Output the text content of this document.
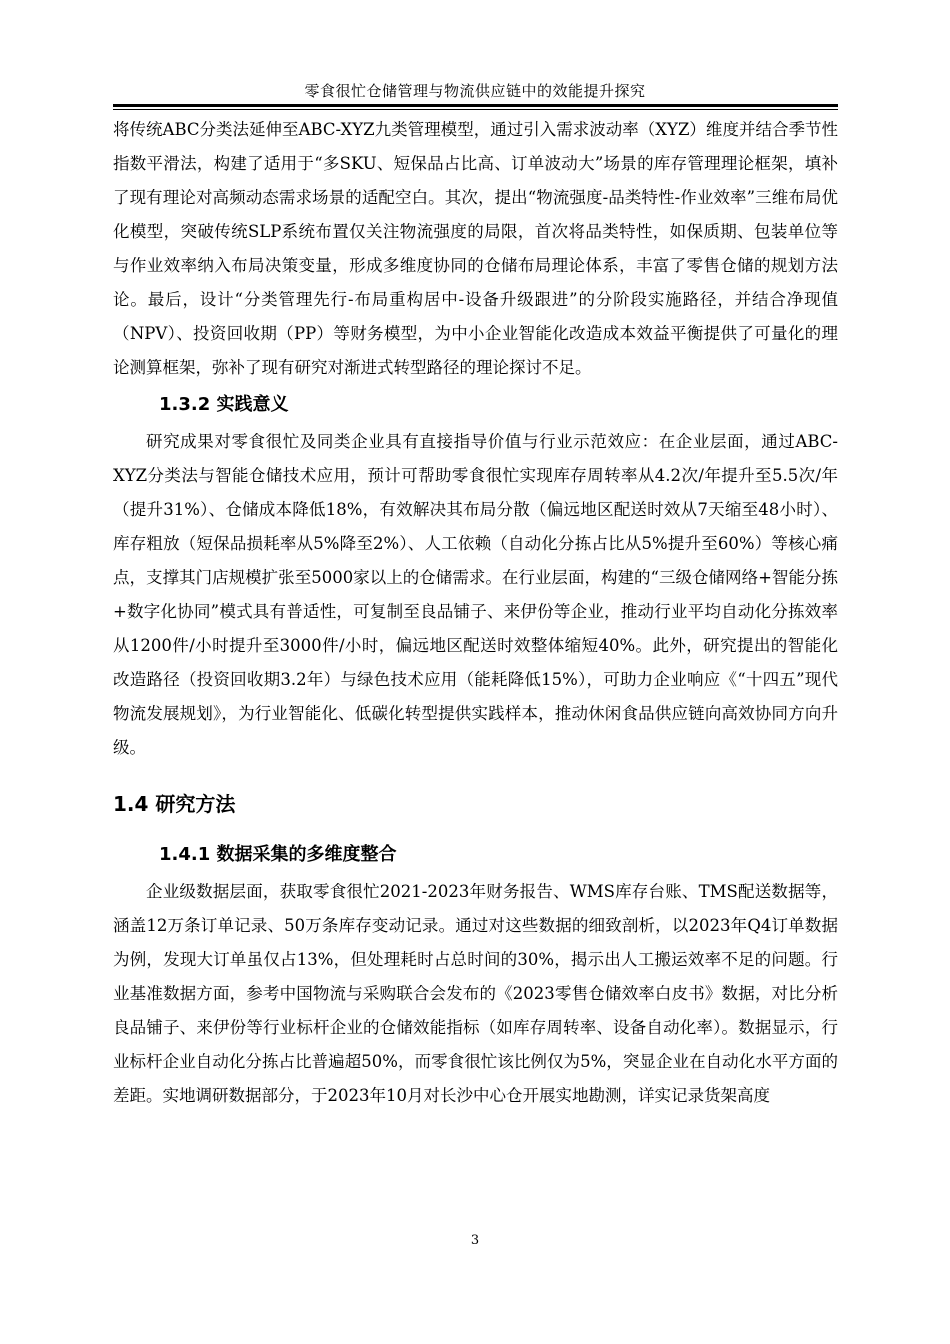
零食很忙仓储管理与物流供应链中的效能提升探究

将传统ABC分类法延伸至ABC-XYZ九类管理模型，通过引入需求波动率（XYZ）维度并结合季节性指数平滑法，构建了适用于“多SKU、短保品占比高、订单波动大”场景的库存管理理论框架，填补了现有理论对高频动态需求场景的适配空白。其次，提出“物流强度-品类特性-作业效率”三维布局优化模型，突破传统SLP系统布置仅关注物流强度的局限，首次将品类特性，如保质期、包装单位等与作业效率纳入布局决策变量，形成多维度协同的仓储布局理论体系，丰富了零售仓储的规划方法论。最后，设计“分类管理先行-布局重构居中-设备升级跟进”的分阶段实施路径，并结合净现值（NPV）、投资回收期（PP）等财务模型，为中小企业智能化改造成本效益平衡提供了可量化的理论测算框架，弥补了现有研究对渐进式转型路径的理论探讨不足。

1.3.2 实践意义

研究成果对零食很忙及同类企业具有直接指导价值与行业示范效应：在企业层面，通过ABC-XYZ分类法与智能仓储技术应用，预计可帮助零食很忙实现库存周转率从4.2次/年提升至5.5次/年（提升31%）、仓储成本降低18%，有效解决其布局分散（偏远地区配送时效从7天缩至48小时）、库存粗放（短保品损耗率从5%降至2%）、人工依赖（自动化分拣占比从5%提升至60%）等核心痛点，支撑其门店规模扩张至5000家以上的仓储需求。在行业层面，构建的“三级仓储网络+智能分拣+数字化协同”模式具有普适性，可复制至良品铺子、来伊份等企业，推动行业平均自动化分拣效率从1200件/小时提升至3000件/小时，偏远地区配送时效整体缩短40%。此外，研究提出的智能化改造路径（投资回收期3.2年）与绿色技术应用（能耗降低15%），可助力企业响应《“十四五”现代物流发展规划》，为行业智能化、低碳化转型提供实践样本，推动休闲食品供应链向高效协同方向升级。

1.4 研究方法
1.4.1 数据采集的多维度整合

企业级数据层面，获取零食很忙2021-2023年财务报告、WMS库存台账、TMS配送数据等，涵盖12万条订单记录、50万条库存变动记录。通过对这些数据的细致剖析，以2023年Q4订单数据为例，发现大订单虽仅占13%，但处理耗时占总时间的30%，揭示出人工搬运效率不足的问题。行业基准数据方面，参考中国物流与采购联合会发布的《2023零售仓储效率白皮书》数据，对比分析良品铺子、来伊份等行业标杆企业的仓储效能指标（如库存周转率、设备自动化率）。数据显示，行业标杆企业自动化分拣占比普遍超50%，而零食很忙该比例仅为5%，突显企业在自动化水平方面的差距。实地调研数据部分，于2023年10月对长沙中心仓开展实地勘测，详实记录货架高度

3
